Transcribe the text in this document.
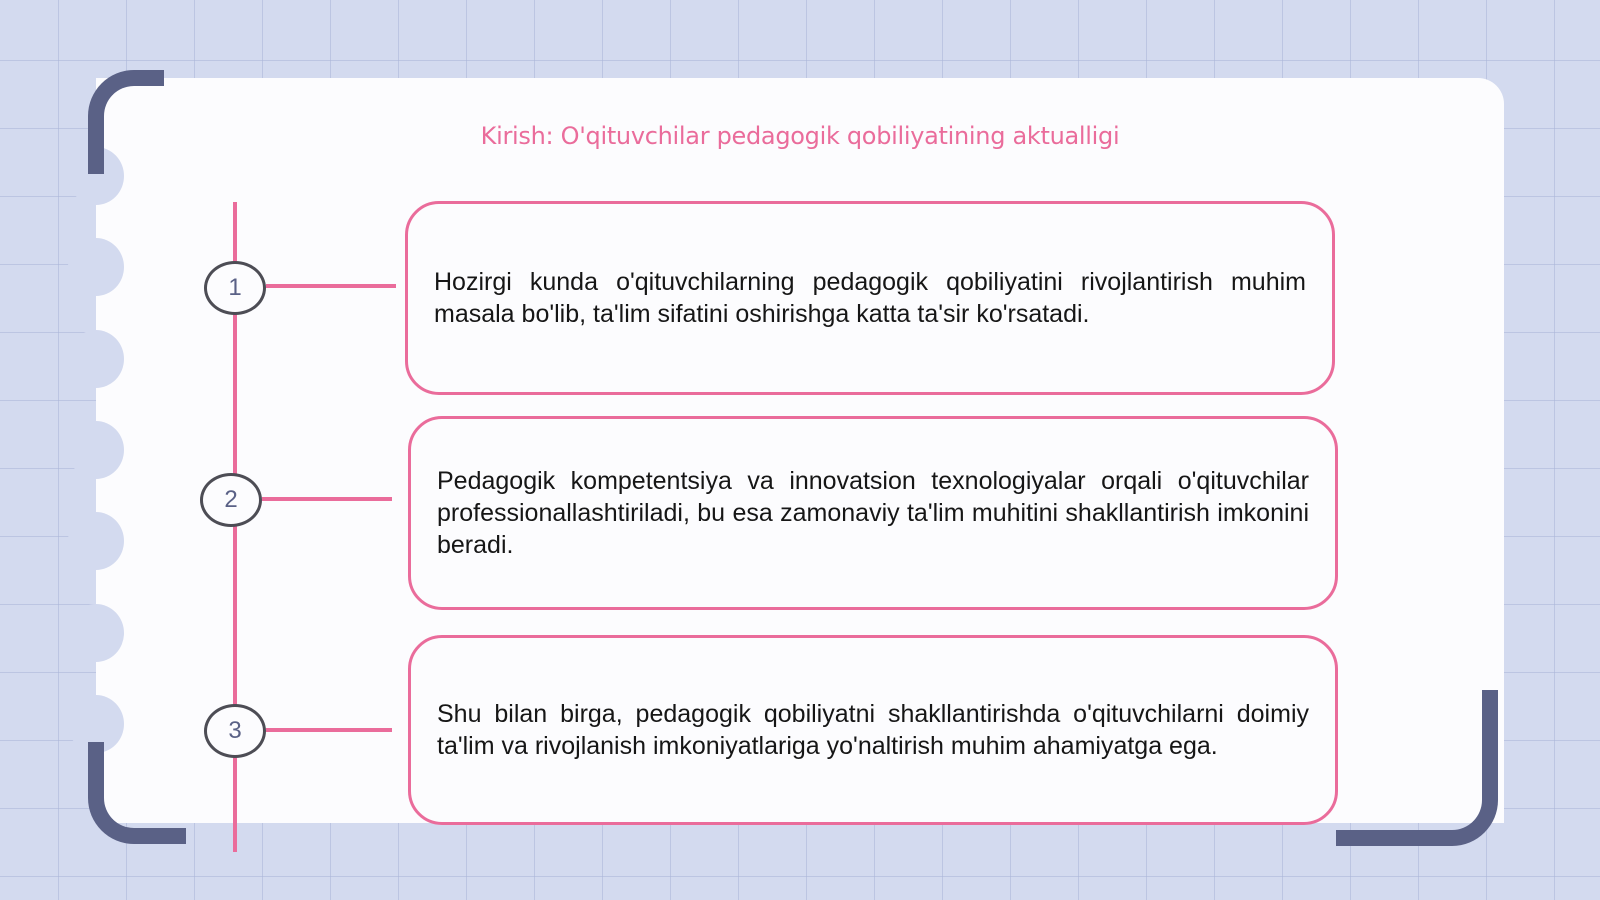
Kirish: O'qituvchilar pedagogik qobiliyatining aktualligi
1	Hozirgi kunda o'qituvchilarning pedagogik qobiliyatini rivojlantirish muhim masala bo'lib, ta'lim sifatini oshirishga katta ta'sir ko'rsatadi.
2
Pedagogik kompetentsiya va innovatsion texnologiyalar orqali o'qituvchilar professionallashtiriladi, bu esa zamonaviy ta'lim muhitini shakllantirish imkonini beradi.
3
Shu bilan birga, pedagogik qobiliyatni shakllantirishda o'qituvchilarni doimiy ta'lim va rivojlanish imkoniyatlariga yo'naltirish muhim ahamiyatga ega.
